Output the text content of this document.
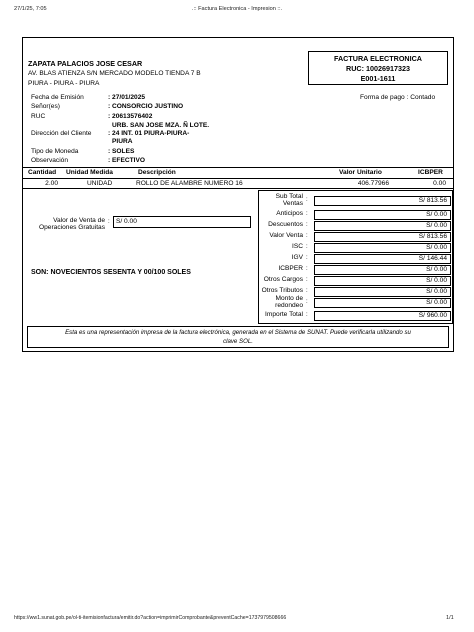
27/1/25, 7:05	.:: Factura Electronica - Impresion ::.
ZAPATA PALACIOS JOSE CESAR
AV. BLAS ATIENZA S/N MERCADO MODELO TIENDA 7 B
PIURA - PIURA - PIURA
FACTURA ELECTRONICA
RUC: 10026917323
E001-1611
Fecha de Emisión	: 27/01/2025	Forma de pago : Contado
Señor(es)	: CONSORCIO JUSTINO
RUC	: 20613576402
URB. SAN JOSE MZA. Ñ LOTE.
Dirección del Cliente	: 24 INT. 01 PIURA-PIURA-
PIURA
Tipo de Moneda	: SOLES
Observación	: EFECTIVO
Cantidad Unidad Medida	Descripción	Valor Unitario	ICBPER
2.00	UNIDAD	ROLLO DE ALAMBRE NUMERO 16	406.77966	0.00
Valor de Venta de
Operaciones Gratuitas
: S/ 0.00
SON: NOVECIENTOS SESENTA Y 00/100 SOLES
Sub Total
Ventas :	S/ 813.56
Anticipos :	S/ 0.00
Descuentos :	S/ 0.00
Valor Venta :	S/ 813.56
ISC :	S/ 0.00
IGV :	S/ 146.44
ICBPER :	S/ 0.00
Otros Cargos :	S/ 0.00
Otros Tributos :	S/ 0.00
Monto de
redondeo :	S/ 0.00
Importe Total :	S/ 960.00
Esta es una representación impresa de la factura electrónica, generada en el Sistema de SUNAT. Puede verificarla utilizando su
clave SOL.
https://ww1.sunat.gob.pe/ol-ti-itemisionfactura/emitir.do?action=imprimirComprobante&preventCache=1737979508666	1/1
